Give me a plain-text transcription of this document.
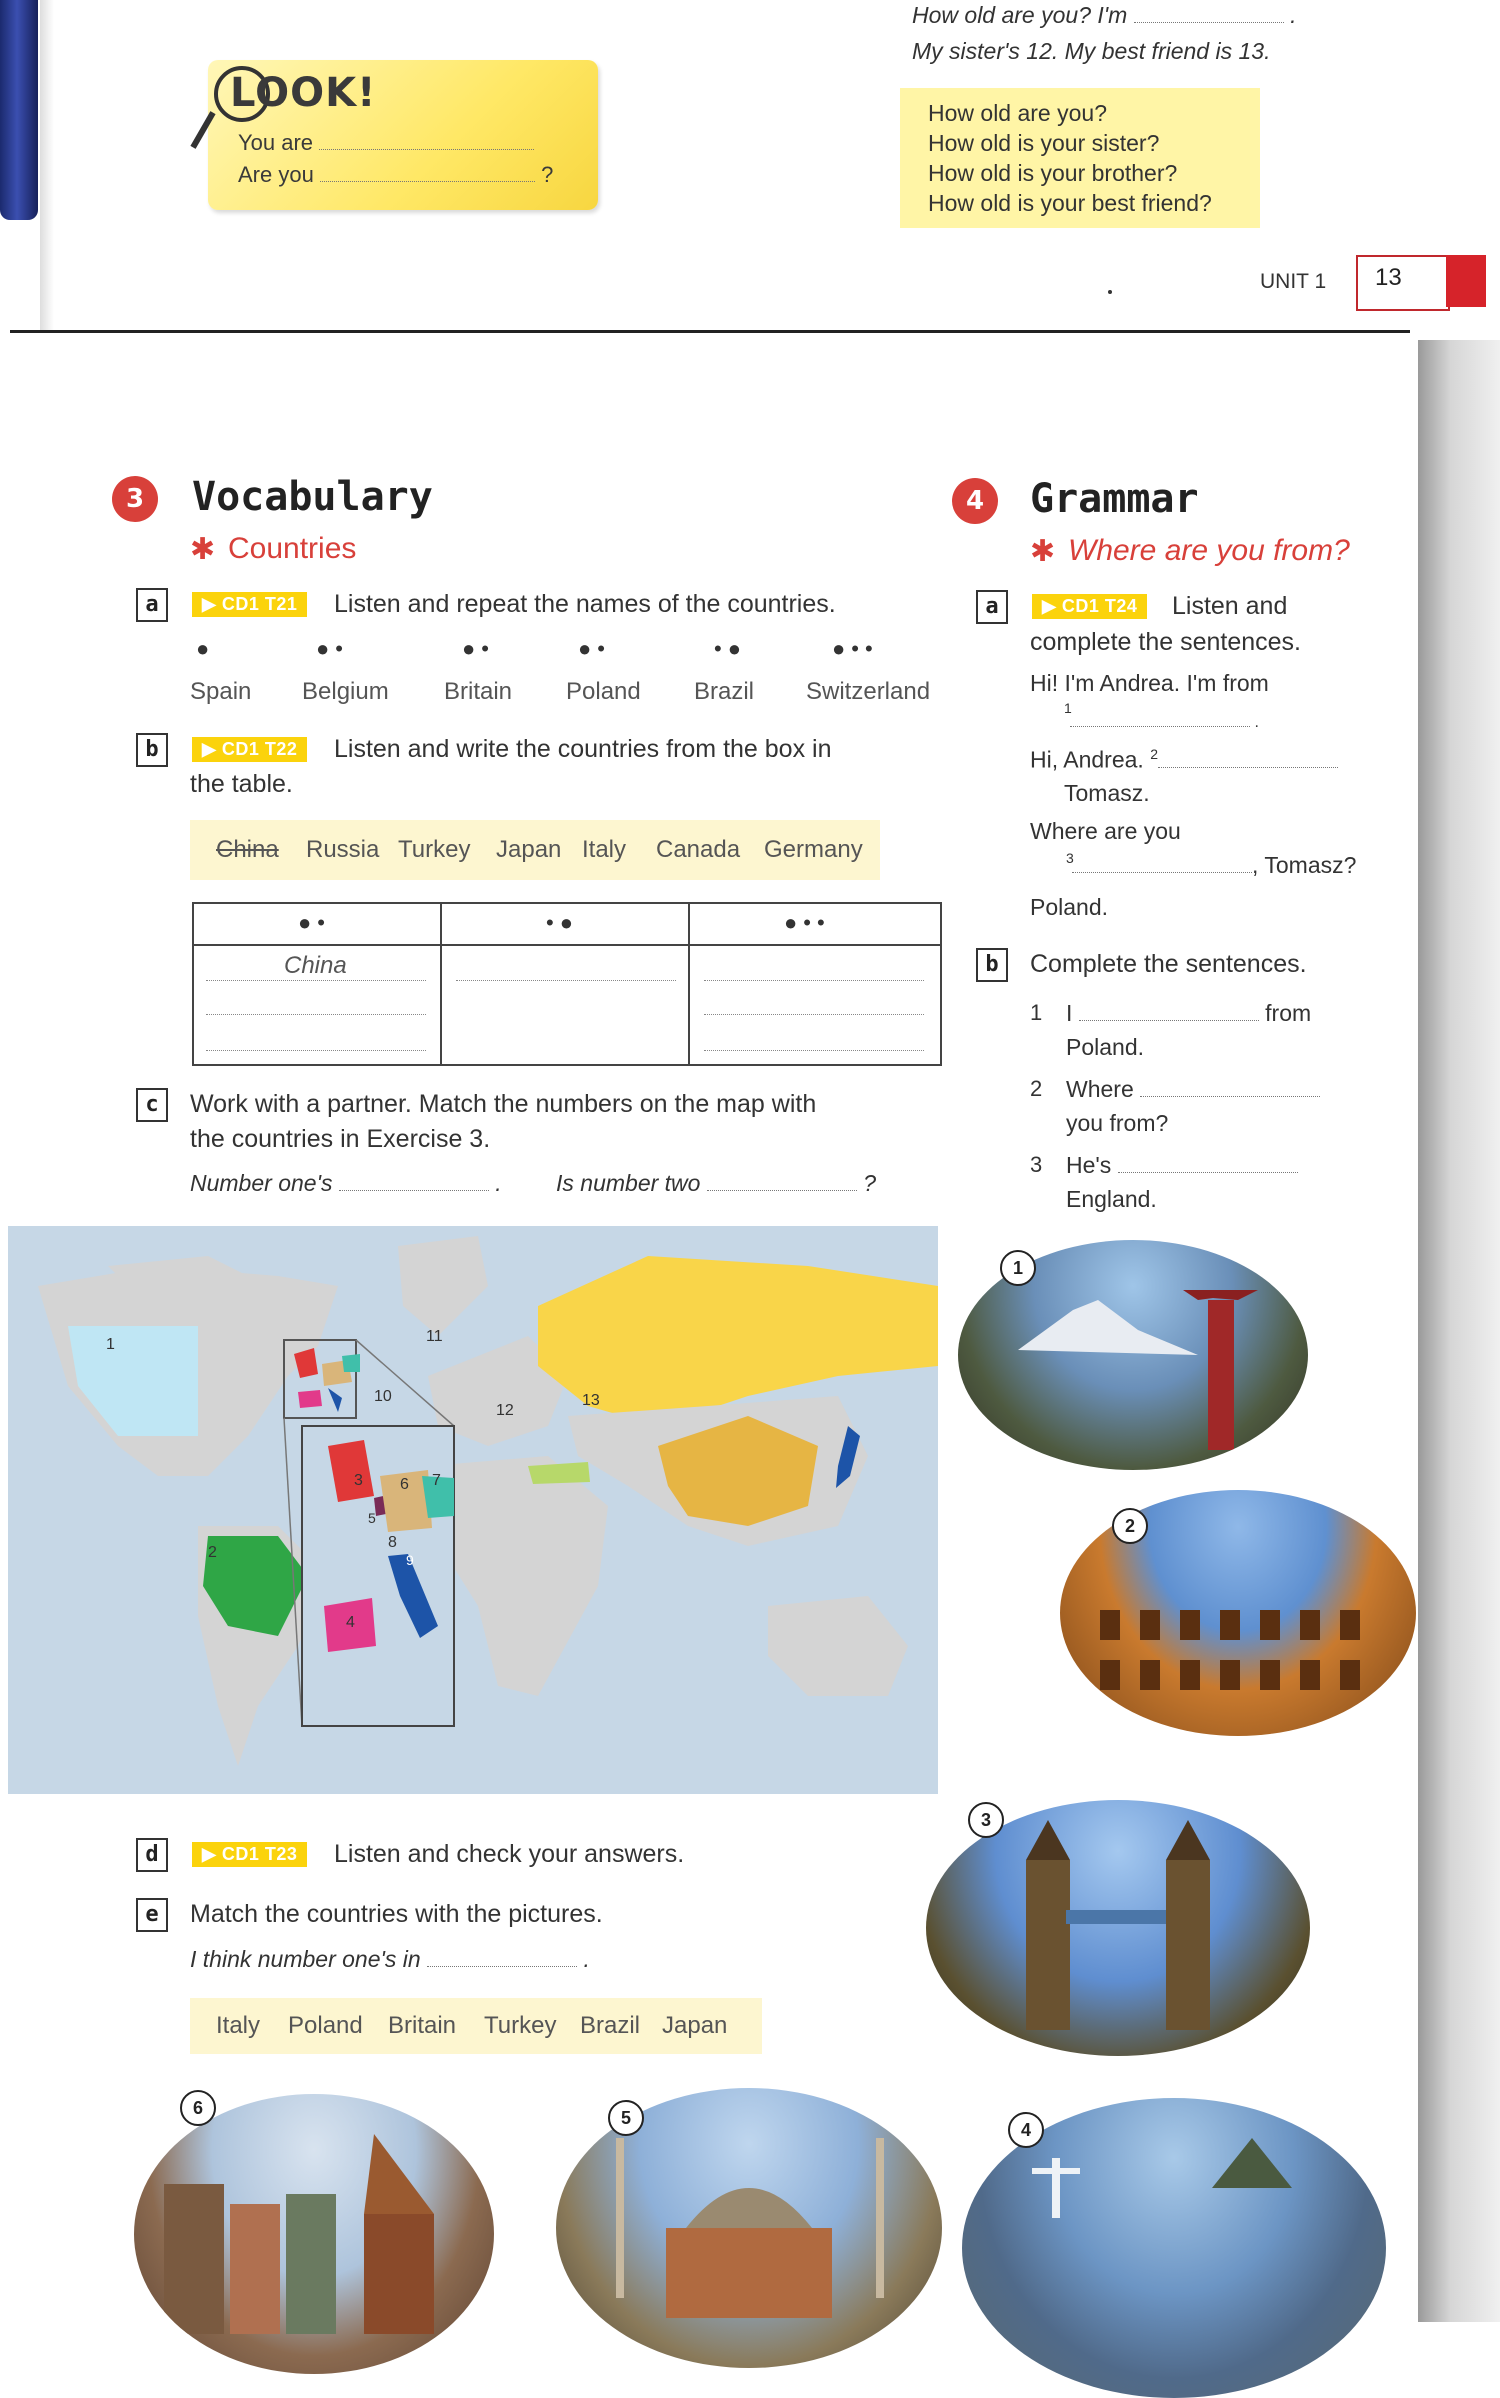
How old are you? I'm	.
My sister's 12. My best friend is 13.
LOOK!
You are
Are you	?
How old are you?
How old is your sister?
How old is your brother?
How old is your best friend?
UNIT 1 13
3	Vocabulary
✱ Countries
a	▶ CD1 T21	Listen and repeat the names of the countries.
●	●•	●•	●•	•●	●••
Spain Belgium Britain Poland Brazil Switzerland
b	▶ CD1 T22	Listen and write the countries from the box in
the table.
China Russia Turkey Japan Italy Canada Germany
●•	•●	●••
China
c	Work with a partner. Match the numbers on the map with
the countries in Exercise 3.
Number one's	. Is number two	?
1
2
10
11
12
13
3
4
5
6 7
8
9
d	▶ CD1 T23	Listen and check your answers.
e	Match the countries with the pictures.
I think number one's in	.
Italy Poland Britain Turkey Brazil Japan
4	Grammar
✱ Where are you from?
a	▶ CD1 T24	Listen and
complete the sentences.
Hi! I'm Andrea. I'm from
1
.
Hi, Andrea. $^2$
Tomasz.
Where are you
3	, Tomasz?
Poland.
b	Complete the sentences.
1 I	from
Poland.
2 Where
you from?
3 He's
England.
1
2
3
4
5
6
